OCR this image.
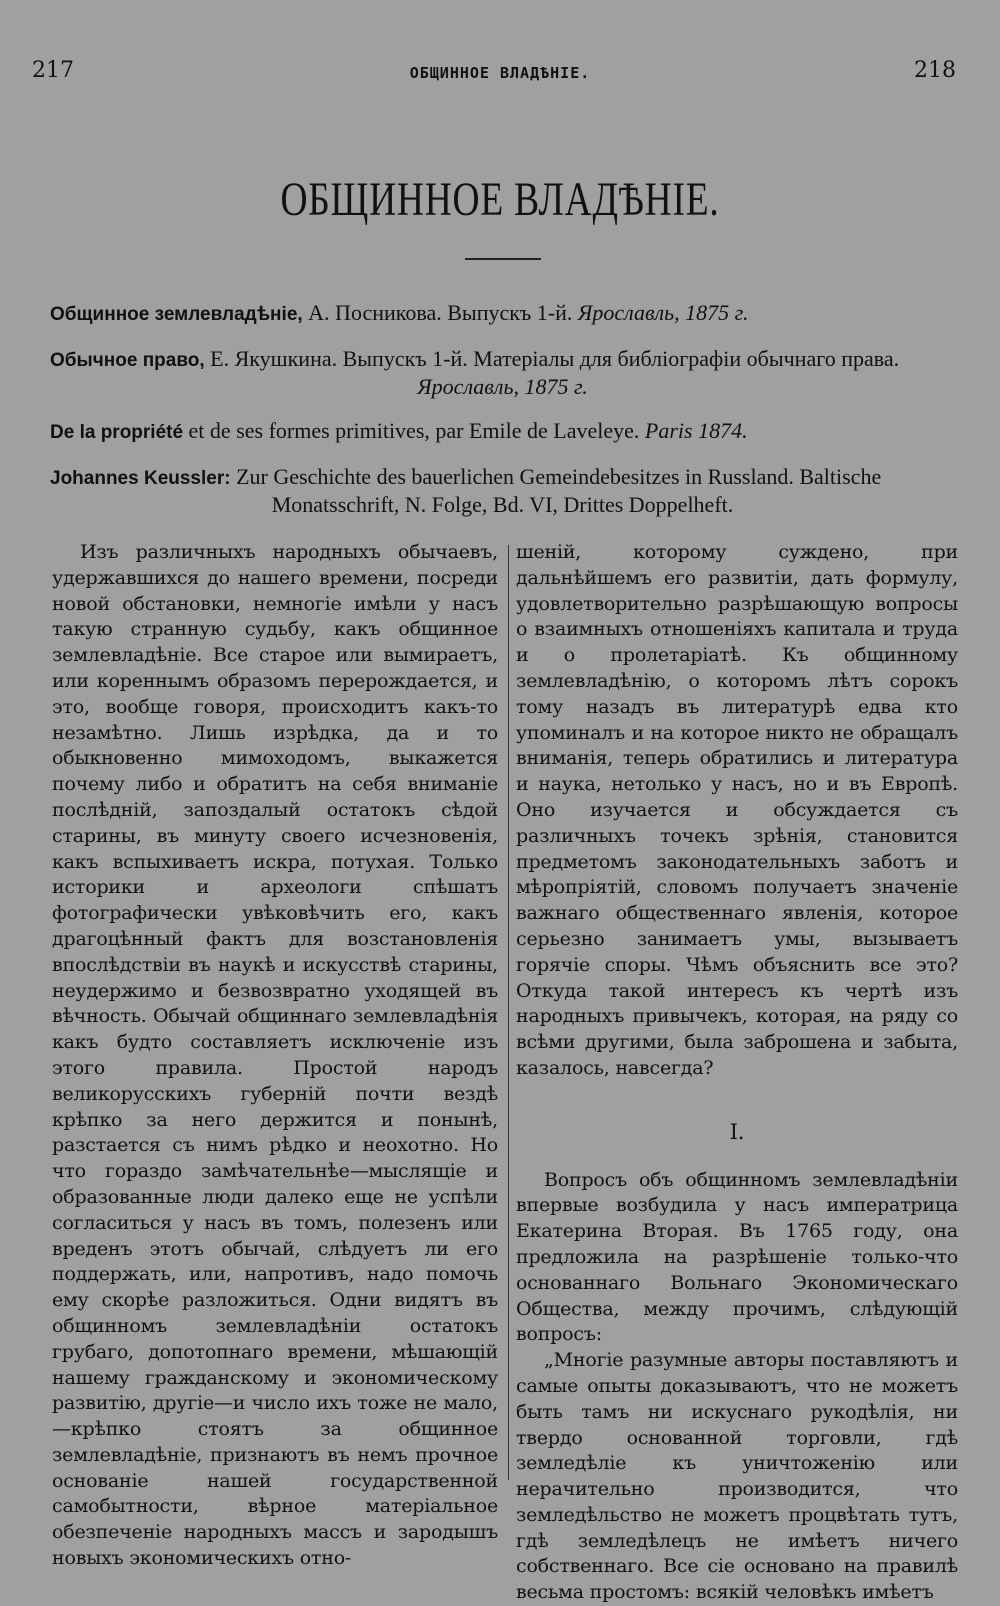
217	ОБЩИННОЕ ВЛАДѢНІЕ.	218
ОБЩИННОЕ ВЛАДѢНІЕ.

Общинное землевладѣніе, А. Посникова. Выпускъ 1-й. Ярославль, 1875 г.

Обычное право, Е. Якушкина. Выпускъ 1-й. Матеріалы для библіографіи обычнаго права.
Ярославль, 1875 г.

De la propriété et de ses formes primitives, par Emile de Laveleye. Paris 1874.

Johannes Keussler: Zur Geschichte des bauerlichen Gemeindebesitzes in Russland. Baltische
Monatsschrift, N. Folge, Bd. VI, Drittes Doppelheft.

Изъ различныхъ народныхъ обычаевъ, удержавшихся до нашего времени, посреди новой обстановки, немногіе имѣли у насъ такую странную судьбу, какъ общинное землевладѣніе. Все старое или вымираетъ, или кореннымъ образомъ перерождается, и это, вообще говоря, происходитъ какъ-то незамѣтно. Лишь изрѣдка, да и то обыкновенно мимоходомъ, выкажется почему либо и обратитъ на себя вниманіе послѣдній, запоздалый остатокъ сѣдой старины, въ минуту своего исчезновенія, какъ вспыхиваетъ искра, потухая. Только историки и археологи спѣшатъ фотографически увѣковѣчить его, какъ драгоцѣнный фактъ для возстановленія впослѣдствіи въ наукѣ и искусствѣ старины, неудержимо и безвозвратно уходящей въ вѣчность. Обычай общиннаго землевладѣнія какъ будто составляетъ исключеніе изъ этого правила. Простой народъ великорусскихъ губерній почти вездѣ крѣпко за него держится и понынѣ, разстается съ нимъ рѣдко и неохотно. Но что гораздо замѣчательнѣе—мыслящіе и образованные люди далеко еще не успѣли согласиться у насъ въ томъ, полезенъ или вреденъ этотъ обычай, слѣдуетъ ли его поддержать, или, напротивъ, надо помочь ему скорѣе разложиться. Одни видятъ въ общинномъ землевладѣніи остатокъ грубаго, допотопнаго времени, мѣшающій нашему гражданскому и экономическому развитію, другіе—и число ихъ тоже не мало,—крѣпко стоятъ за общинное землевладѣніе, признаютъ въ немъ прочное основаніе нашей государственной самобытности, вѣрное матеріальное обезпеченіе народныхъ массъ и зародышъ новыхъ экономическихъ отно-

шеній, которому суждено, при дальнѣйшемъ его развитіи, дать формулу, удовлетворительно разрѣшающую вопросы о взаимныхъ отношеніяхъ капитала и труда и о пролетаріатѣ. Къ общинному землевладѣнію, о которомъ лѣтъ сорокъ тому назадъ въ литературѣ едва кто упоминалъ и на которое никто не обращалъ вниманія, теперь обратились и литература и наука, нетолько у насъ, но и въ Европѣ. Оно изучается и обсуждается съ различныхъ точекъ зрѣнія, становится предметомъ законодательныхъ заботъ и мѣропріятій, словомъ получаетъ значеніе важнаго общественнаго явленія, которое серьезно занимаетъ умы, вызываетъ горячіе споры. Чѣмъ объяснить все это? Откуда такой интересъ къ чертѣ изъ народныхъ привычекъ, которая, на ряду со всѣми другими, была заброшена и забыта, казалось, навсегда?

I.

Вопросъ объ общинномъ землевладѣніи впервые возбудила у насъ императрица Екатерина Вторая. Въ 1765 году, она предложила на разрѣшеніе только-что основаннаго Вольнаго Экономическаго Общества, между прочимъ, слѣдующій вопросъ:

„Многіе разумные авторы поставляютъ и самые опыты доказываютъ, что не можетъ быть тамъ ни искуснаго рукодѣлія, ни твердо основанной торговли, гдѣ земледѣліе къ уничтоженію или нерачительно производится, что земледѣльство не можетъ процвѣтать тутъ, гдѣ земледѣлецъ не имѣетъ ничего собственнаго. Все сіе основано на правилѣ весьма простомъ: всякій человѣкъ имѣетъ
